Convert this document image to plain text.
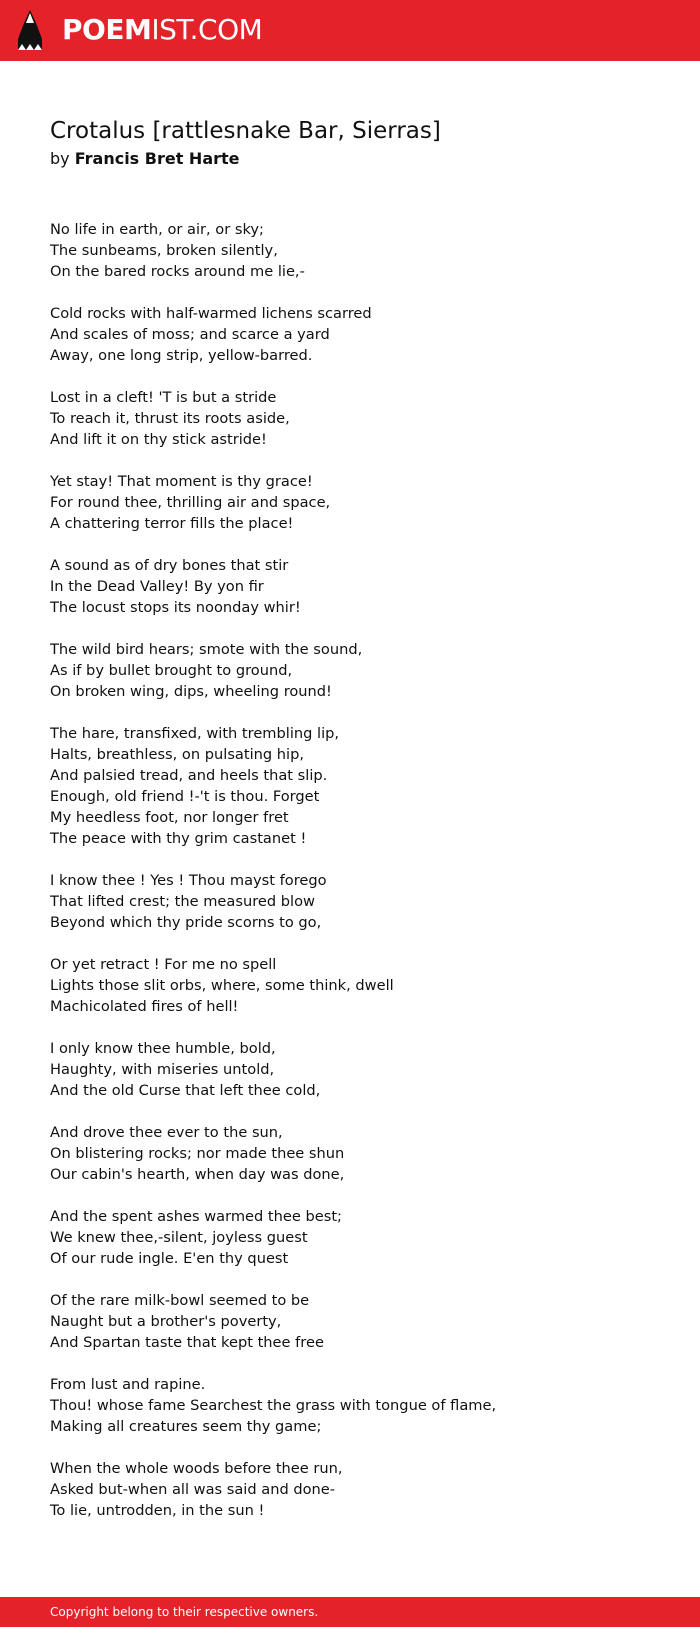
POEMIST.COM
Crotalus [rattlesnake Bar, Sierras]
by Francis Bret Harte
No life in earth, or air, or sky;
The sunbeams, broken silently,
On the bared rocks around me lie,-
Cold rocks with half-warmed lichens scarred
And scales of moss; and scarce a yard
Away, one long strip, yellow-barred.
Lost in a cleft! 'T is but a stride
To reach it, thrust its roots aside,
And lift it on thy stick astride!
Yet stay! That moment is thy grace!
For round thee, thrilling air and space,
A chattering terror fills the place!
A sound as of dry bones that stir
In the Dead Valley! By yon fir
The locust stops its noonday whir!
The wild bird hears; smote with the sound,
As if by bullet brought to ground,
On broken wing, dips, wheeling round!
The hare, transfixed, with trembling lip,
Halts, breathless, on pulsating hip,
And palsied tread, and heels that slip.
Enough, old friend !-'t is thou. Forget
My heedless foot, nor longer fret
The peace with thy grim castanet !
I know thee ! Yes ! Thou mayst forego
That lifted crest; the measured blow
Beyond which thy pride scorns to go,
Or yet retract ! For me no spell
Lights those slit orbs, where, some think, dwell
Machicolated fires of hell!
I only know thee humble, bold,
Haughty, with miseries untold,
And the old Curse that left thee cold,
And drove thee ever to the sun,
On blistering rocks; nor made thee shun
Our cabin's hearth, when day was done,
And the spent ashes warmed thee best;
We knew thee,-silent, joyless guest
Of our rude ingle. E'en thy quest
Of the rare milk-bowl seemed to be
Naught but a brother's poverty,
And Spartan taste that kept thee free
From lust and rapine.
Thou! whose fame Searchest the grass with tongue of flame,
Making all creatures seem thy game;
When the whole woods before thee run,
Asked but-when all was said and done-
To lie, untrodden, in the sun !
Copyright belong to their respective owners.
